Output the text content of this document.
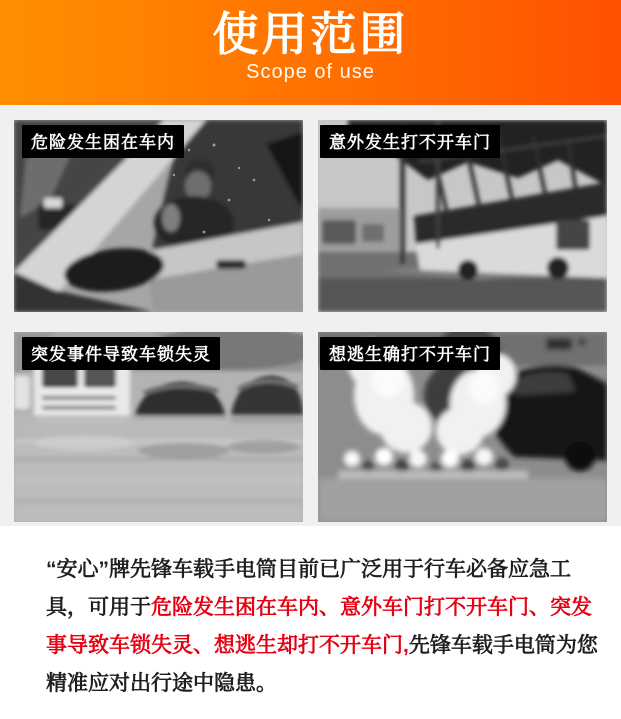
使用范围
Scope of use
危险发生困在车内	意外发生打不开车门
突发事件导致车锁失灵	想逃生确打不开车门
“安心”牌先锋车载手电筒目前已广泛用于行车必备应急工
具，可用于危险发生困在车内、意外车门打不开车门、突发
事导致车锁失灵、想逃生却打不开车门,先锋车载手电筒为您
精准应对出行途中隐患。
